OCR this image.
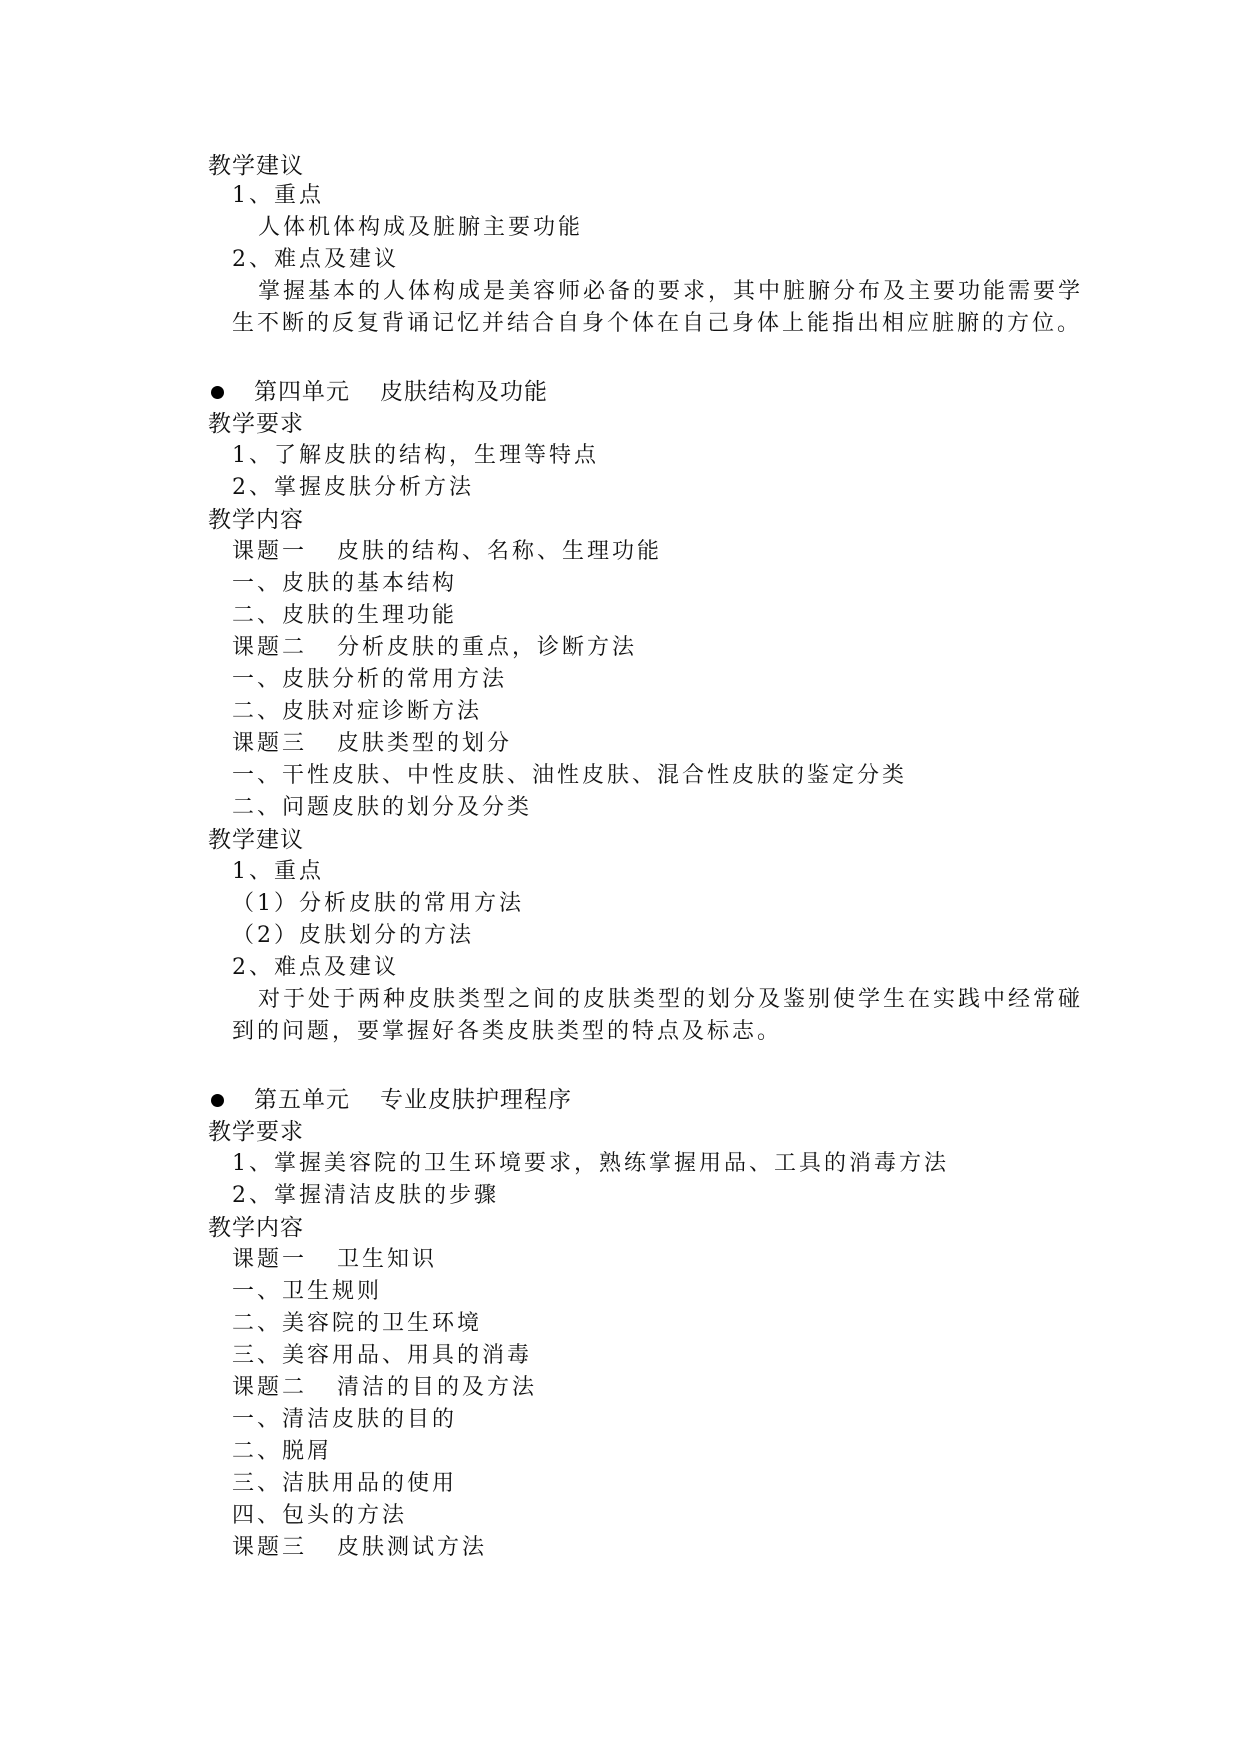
教学建议
1、重点
人体机体构成及脏腑主要功能
2、难点及建议
掌握基本的人体构成是美容师必备的要求，其中脏腑分布及主要功能需要学
生不断的反复背诵记忆并结合自身个体在自己身体上能指出相应脏腑的方位。
第四单元 皮肤结构及功能
教学要求
1、了解皮肤的结构，生理等特点
2、掌握皮肤分析方法
教学内容
课题一 皮肤的结构、名称、生理功能
一、皮肤的基本结构
二、皮肤的生理功能
课题二 分析皮肤的重点，诊断方法
一、皮肤分析的常用方法
二、皮肤对症诊断方法
课题三 皮肤类型的划分
一、干性皮肤、中性皮肤、油性皮肤、混合性皮肤的鉴定分类
二、问题皮肤的划分及分类
教学建议
1、重点
（1）分析皮肤的常用方法
（2）皮肤划分的方法
2、难点及建议
对于处于两种皮肤类型之间的皮肤类型的划分及鉴别使学生在实践中经常碰
到的问题，要掌握好各类皮肤类型的特点及标志。
第五单元 专业皮肤护理程序
教学要求
1、掌握美容院的卫生环境要求，熟练掌握用品、工具的消毒方法
2、掌握清洁皮肤的步骤
教学内容
课题一 卫生知识
一、卫生规则
二、美容院的卫生环境
三、美容用品、用具的消毒
课题二 清洁的目的及方法
一、清洁皮肤的目的
二、脱屑
三、洁肤用品的使用
四、包头的方法
课题三 皮肤测试方法
